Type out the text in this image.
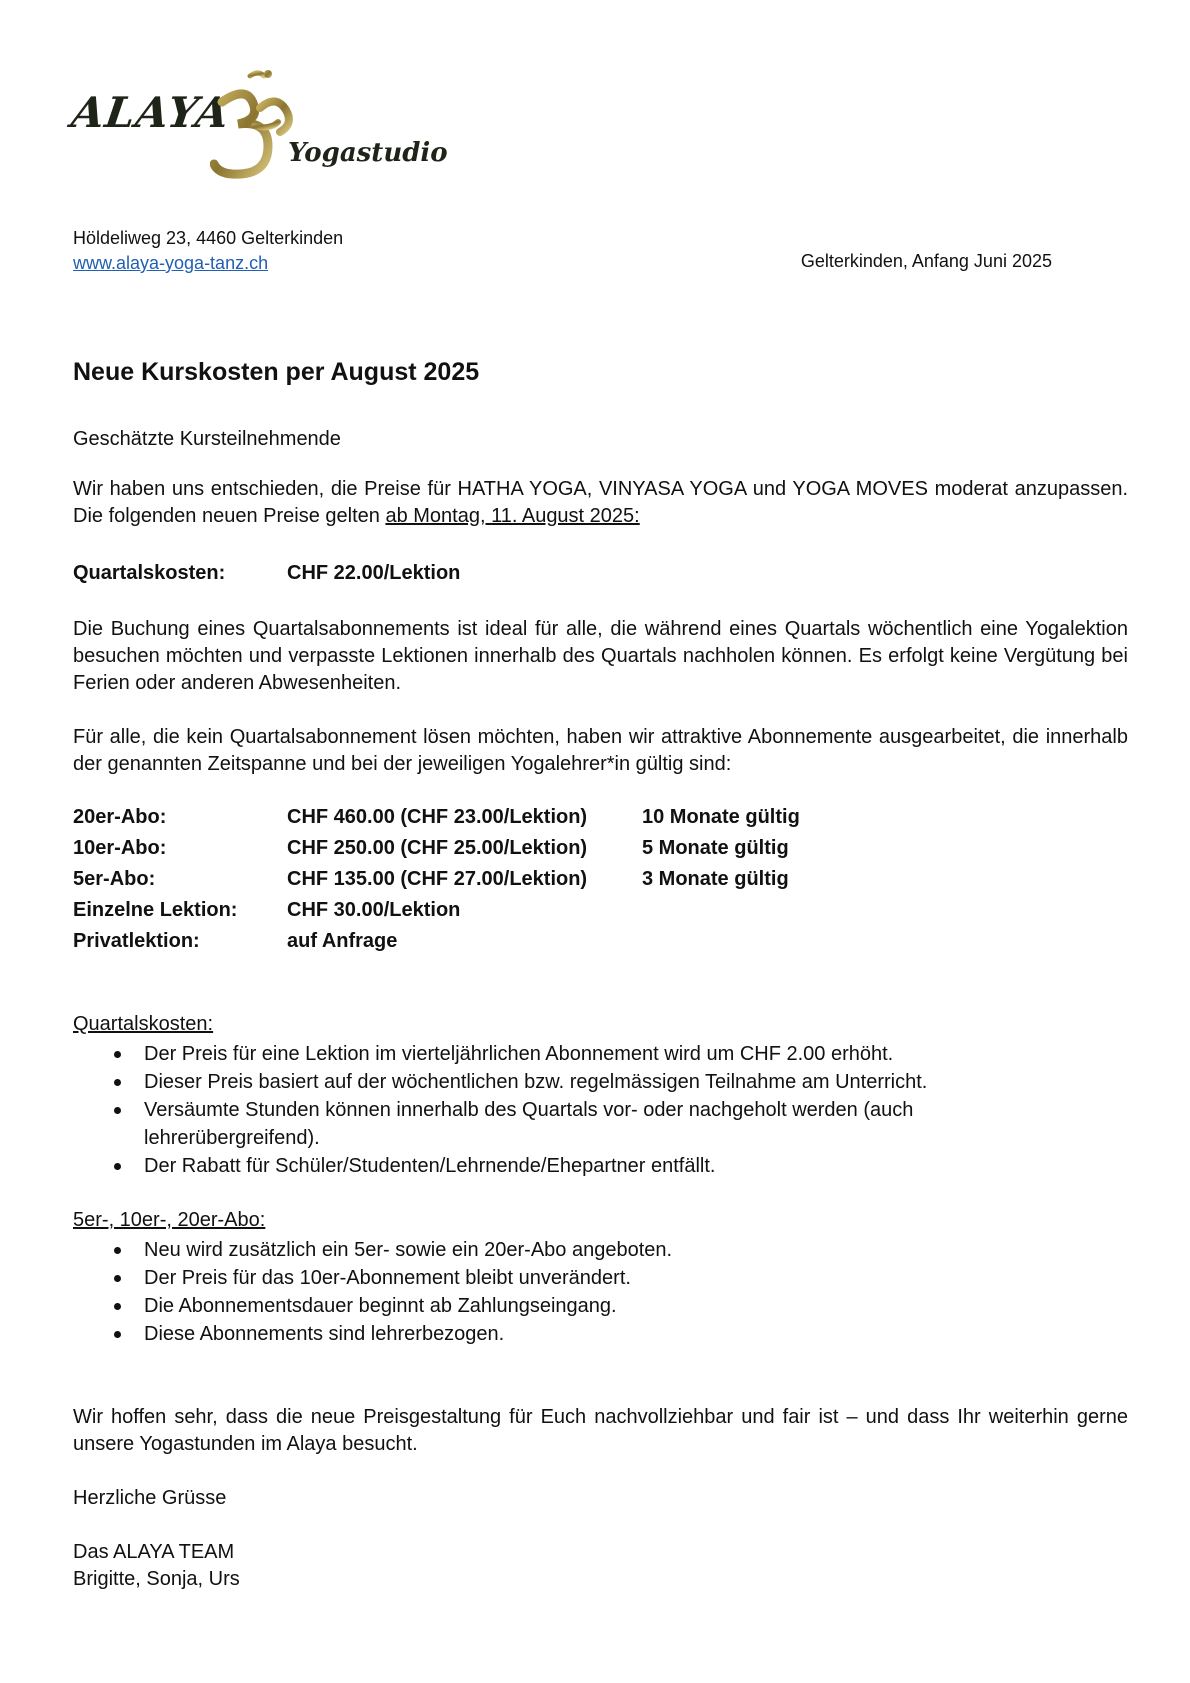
ALAYA
Yogastudio
Höldeliweg 23, 4460 Gelterkinden
www.alaya-yoga-tanz.ch	Gelterkinden, Anfang Juni 2025
Neue Kurskosten per August 2025

Geschätzte Kursteilnehmende

Wir haben uns entschieden, die Preise für HATHA YOGA, VINYASA YOGA und YOGA MOVES moderat anzupassen. Die folgenden neuen Preise gelten ab Montag, 11. August 2025:

Quartalskosten:	CHF 22.00/Lektion

Die Buchung eines Quartalsabonnements ist ideal für alle, die während eines Quartals wöchentlich eine Yogalektion besuchen möchten und verpasste Lektionen innerhalb des Quartals nachholen können. Es erfolgt keine Vergütung bei Ferien oder anderen Abwesenheiten.

Für alle, die kein Quartalsabonnement lösen möchten, haben wir attraktive Abonnemente ausgearbeitet, die innerhalb der genannten Zeitspanne und bei der jeweiligen Yogalehrer*in gültig sind:

20er-Abo:	CHF 460.00 (CHF 23.00/Lektion)	10 Monate gültig
10er-Abo:	CHF 250.00 (CHF 25.00/Lektion)	5 Monate gültig
5er-Abo:	CHF 135.00 (CHF 27.00/Lektion)	3 Monate gültig
Einzelne Lektion: CHF 30.00/Lektion
Privatlektion:	auf Anfrage

Quartalskosten:

Der Preis für eine Lektion im vierteljährlichen Abonnement wird um CHF 2.00 erhöht.
Dieser Preis basiert auf der wöchentlichen bzw. regelmässigen Teilnahme am Unterricht.
Versäumte Stunden können innerhalb des Quartals vor- oder nachgeholt werden (auch lehrerübergreifend).
Der Rabatt für Schüler/Studenten/Lehrnende/Ehepartner entfällt.

5er-, 10er-, 20er-Abo:

Neu wird zusätzlich ein 5er- sowie ein 20er-Abo angeboten.
Der Preis für das 10er-Abonnement bleibt unverändert.
Die Abonnementsdauer beginnt ab Zahlungseingang.
Diese Abonnements sind lehrerbezogen.

Wir hoffen sehr, dass die neue Preisgestaltung für Euch nachvollziehbar und fair ist – und dass Ihr weiterhin gerne unsere Yogastunden im Alaya besucht.

Herzliche Grüsse

Das ALAYA TEAM
Brigitte, Sonja, Urs
